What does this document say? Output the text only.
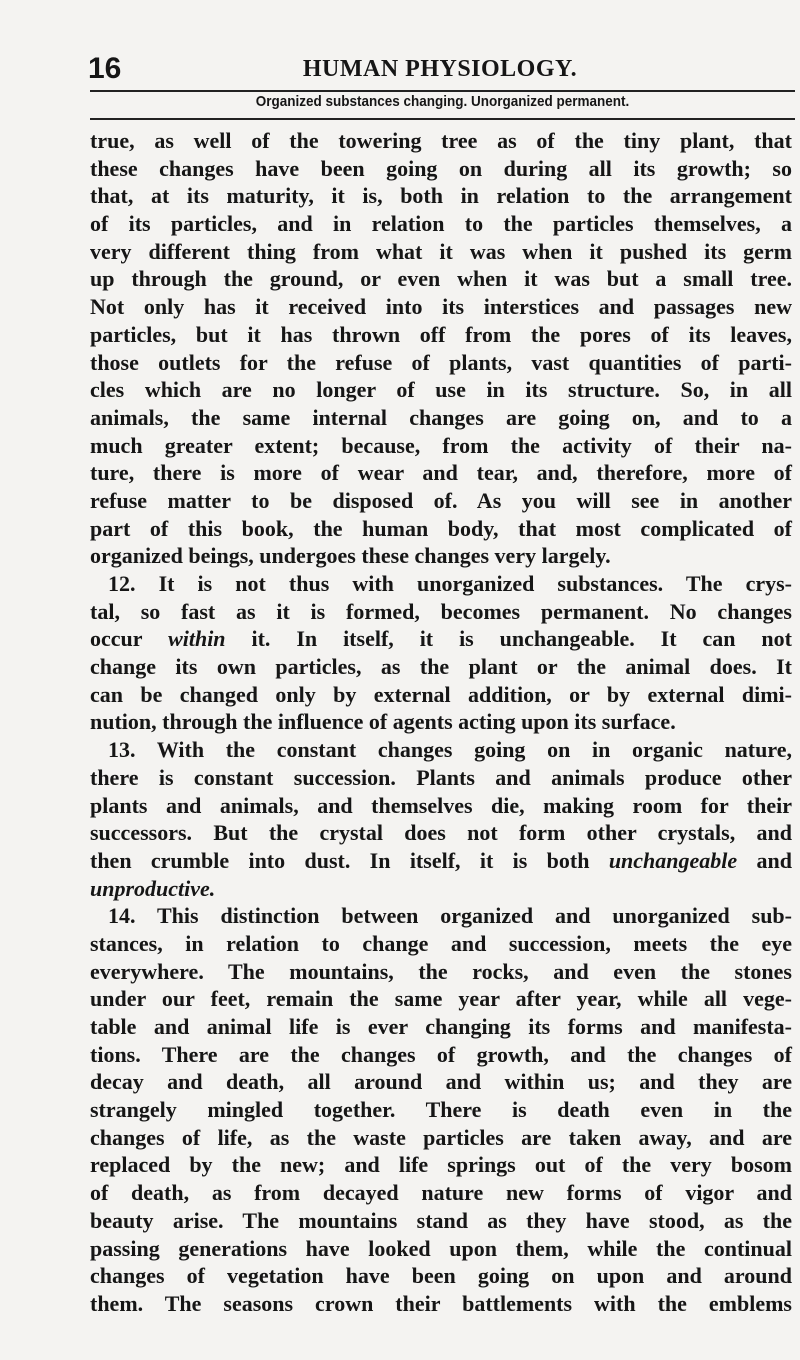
16	HUMAN PHYSIOLOGY.
Organized substances changing. Unorganized permanent.
true, as well of the towering tree as of the tiny plant, that
these changes have been going on during all its growth; so
that, at its maturity, it is, both in relation to the arrangement
of its particles, and in relation to the particles themselves, a
very different thing from what it was when it pushed its germ
up through the ground, or even when it was but a small tree.
Not only has it received into its interstices and passages new
particles, but it has thrown off from the pores of its leaves,
those outlets for the refuse of plants, vast quantities of parti-
cles which are no longer of use in its structure. So, in all
animals, the same internal changes are going on, and to a
much greater extent; because, from the activity of their na-
ture, there is more of wear and tear, and, therefore, more of
refuse matter to be disposed of. As you will see in another
part of this book, the human body, that most complicated of
organized beings, undergoes these changes very largely.
12. It is not thus with unorganized substances. The crys-
tal, so fast as it is formed, becomes permanent. No changes
occur within it. In itself, it is unchangeable. It can not
change its own particles, as the plant or the animal does. It
can be changed only by external addition, or by external dimi-
nution, through the influence of agents acting upon its surface.
13. With the constant changes going on in organic nature,
there is constant succession. Plants and animals produce other
plants and animals, and themselves die, making room for their
successors. But the crystal does not form other crystals, and
then crumble into dust. In itself, it is both unchangeable and
unproductive.
14. This distinction between organized and unorganized sub-
stances, in relation to change and succession, meets the eye
everywhere. The mountains, the rocks, and even the stones
under our feet, remain the same year after year, while all vege-
table and animal life is ever changing its forms and manifesta-
tions. There are the changes of growth, and the changes of
decay and death, all around and within us; and they are
strangely mingled together. There is death even in the
changes of life, as the waste particles are taken away, and are
replaced by the new; and life springs out of the very bosom
of death, as from decayed nature new forms of vigor and
beauty arise. The mountains stand as they have stood, as the
passing generations have looked upon them, while the continual
changes of vegetation have been going on upon and around
them. The seasons crown their battlements with the emblems
